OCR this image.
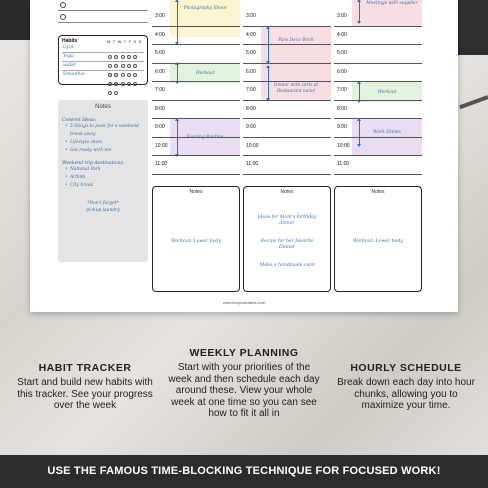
Habits	MTWTFSS
Gym
Yoga
water
Smoothie
Notes
Content Ideas:
• 5 things to pack for a weekend break away
• Lifestyle shots
• Get ready with me
Weekend trip destinations
• National Park
• Airbnb
• City break
*Don't forget*
pickup laundry
Photography Shoot
Workout
Evening Routine
3:00
4:00
5:00
6:00
7:00
8:00
9:00
10:00
11:00
Pass Deco Work
Dinner with Girls at Restaurant name
3:00
4:00
5:00
6:00
7:00
8:00
9:00
10:00
11:00
Meetings with supplier
Workout
Work Drinks
3:00
4:00
5:00
6:00
7:00
8:00
9:00
10:00
11:00
Notes
Workout: Lower body
Notes
Ideas for Mom's birthday dinner
Recipe for her favorite Dinner
Make a handmade card
Notes
Workout: Lower body
www.templatetates.com
HABIT TRACKER

Start and build new habits with this tracker. See your progress over the week

WEEKLY PLANNING

Start with your priorities of the week and then schedule each day around these. View your whole week at one time so you can see how to fit it all in

HOURLY SCHEDULE

Break down each day into hour chunks, allowing you to maximize your time.

USE THE FAMOUS TIME-BLOCKING TECHNIQUE FOR FOCUSED WORK!
